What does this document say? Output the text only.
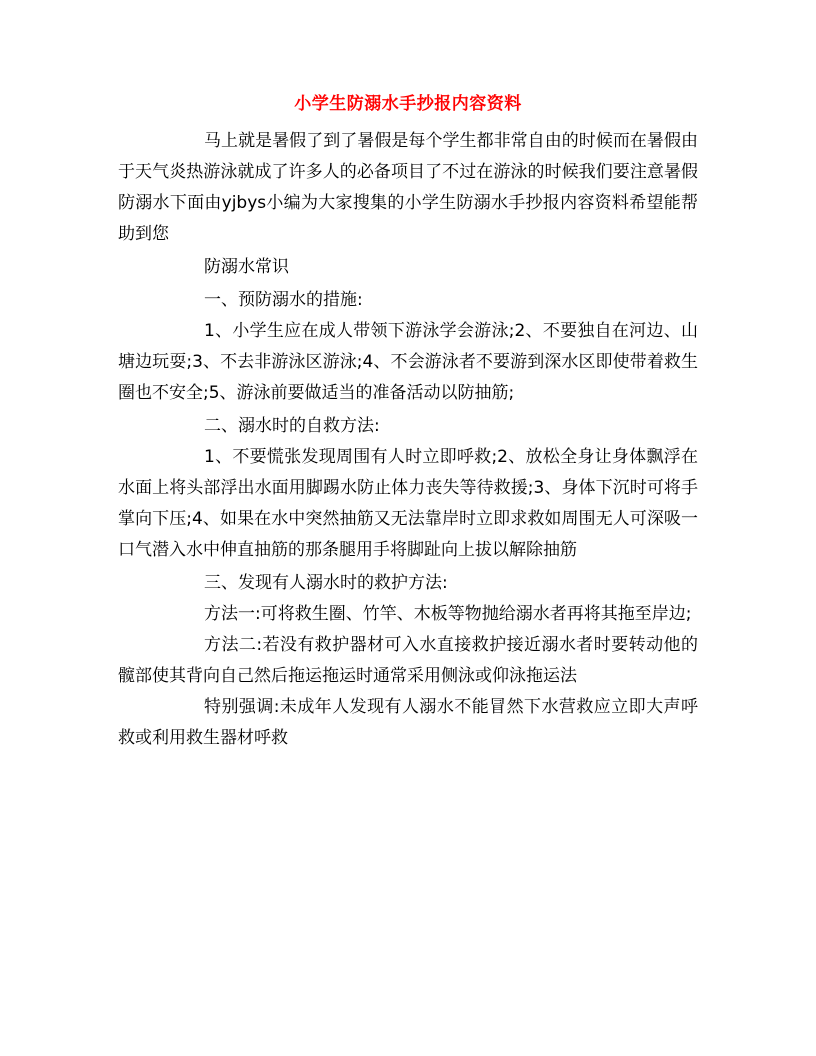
小学生防溺水手抄报内容资料

马上就是暑假了到了暑假是每个学生都非常自由的时候而在暑假由于天气炎热游泳就成了许多人的必备项目了不过在游泳的时候我们要注意暑假防溺水下面由yjbys小编为大家搜集的小学生防溺水手抄报内容资料希望能帮助到您

防溺水常识

一、预防溺水的措施:

1、小学生应在成人带领下游泳学会游泳;2、不要独自在河边、山塘边玩耍;3、不去非游泳区游泳;4、不会游泳者不要游到深水区即使带着救生圈也不安全;5、游泳前要做适当的准备活动以防抽筋;

二、溺水时的自救方法:

1、不要慌张发现周围有人时立即呼救;2、放松全身让身体飘浮在水面上将头部浮出水面用脚踢水防止体力丧失等待救援;3、身体下沉时可将手掌向下压;4、如果在水中突然抽筋又无法靠岸时立即求救如周围无人可深吸一口气潜入水中伸直抽筋的那条腿用手将脚趾向上拔以解除抽筋

三、发现有人溺水时的救护方法:

方法一:可将救生圈、竹竿、木板等物抛给溺水者再将其拖至岸边;

方法二:若没有救护器材可入水直接救护接近溺水者时要转动他的髋部使其背向自己然后拖运拖运时通常采用侧泳或仰泳拖运法

特别强调:未成年人发现有人溺水不能冒然下水营救应立即大声呼救或利用救生器材呼救
